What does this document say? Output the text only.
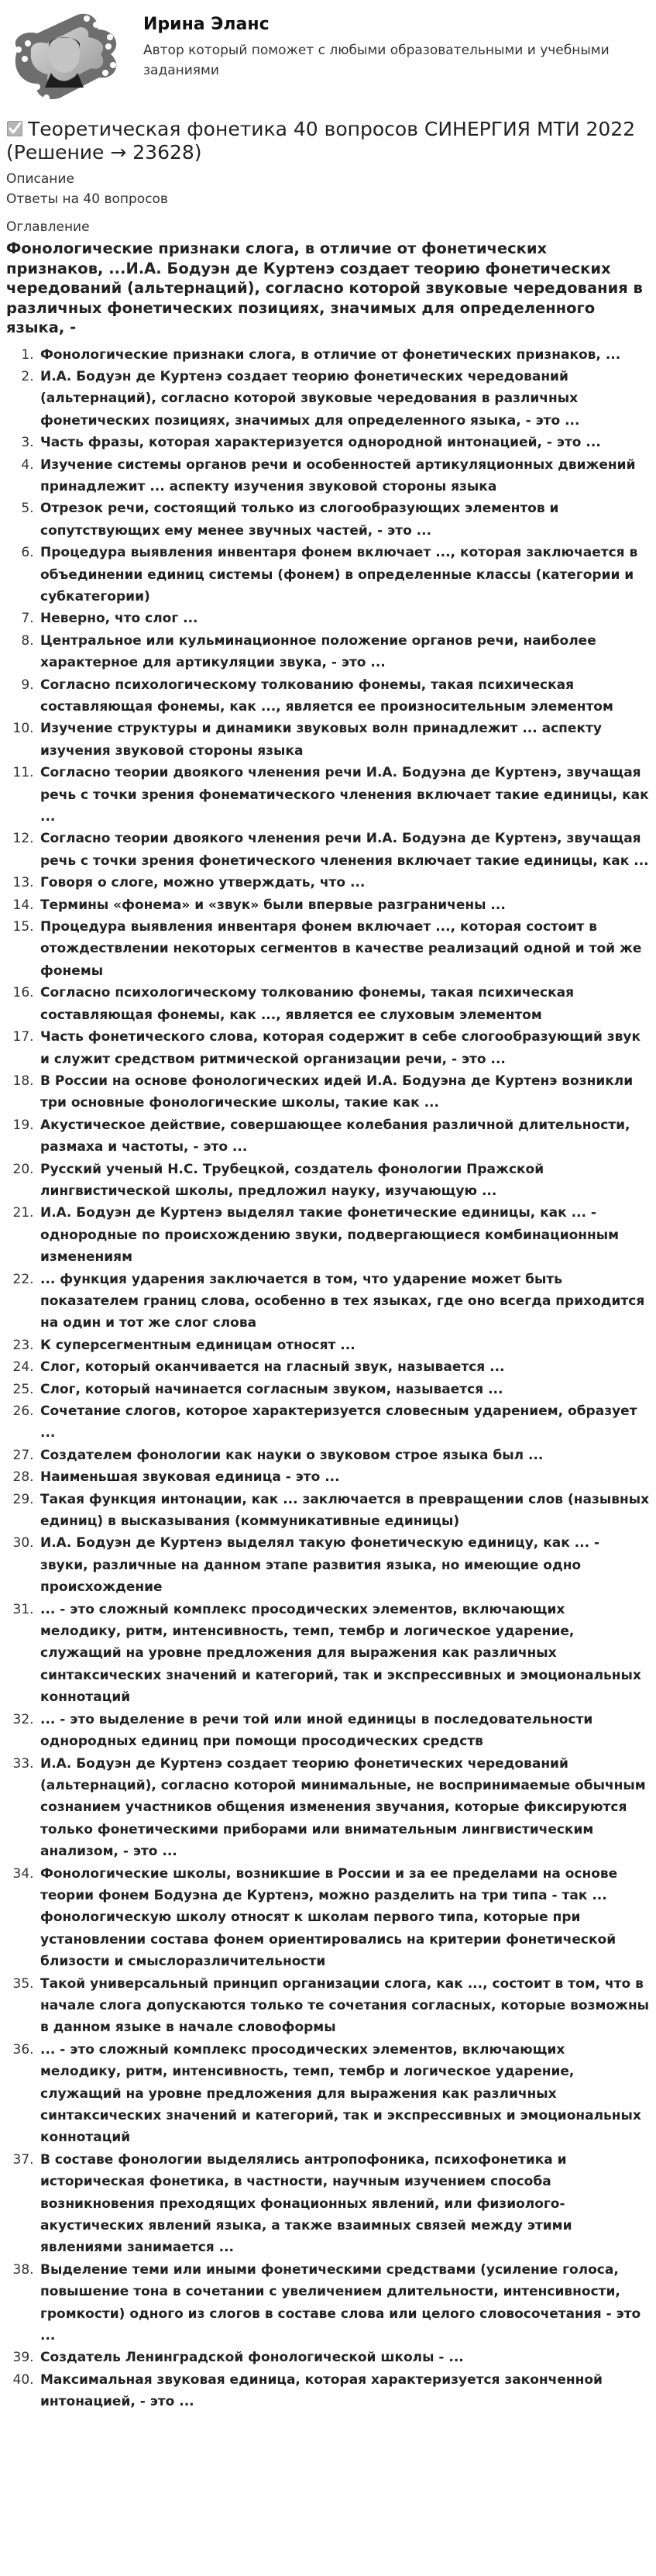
Ирина Эланс
Автор который поможет с любыми образовательными и учебными заданиями
Теоретическая фонетика 40 вопросов СИНЕРГИЯ МТИ 2022 (Решение → 23628)
Описание
Ответы на 40 вопросов
Оглавление
Фонологические признаки слога, в отличие от фонетических признаков, ...И.А. Бодуэн де Куртенэ создает теорию фонетических чередований (альтернаций), согласно которой звуковые чередования в различных фонетических позициях, значимых для определенного языка, -
1. Фонологические признаки слога, в отличие от фонетических признаков, ...
2. И.А. Бодуэн де Куртенэ создает теорию фонетических чередований (альтернаций), согласно которой звуковые чередования в различных фонетических позициях, значимых для определенного языка, - это ...
3. Часть фразы, которая характеризуется однородной интонацией, - это ...
4. Изучение системы органов речи и особенностей артикуляционных движений принадлежит ... аспекту изучения звуковой стороны языка
5. Отрезок речи, состоящий только из слогообразующих элементов и сопутствующих ему менее звучных частей, - это ...
6. Процедура выявления инвентаря фонем включает ..., которая заключается в объединении единиц системы (фонем) в определенные классы (категории и субкатегории)
7. Неверно, что слог ...
8. Центральное или кульминационное положение органов речи, наиболее характерное для артикуляции звука, - это ...
9. Согласно психологическому толкованию фонемы, такая психическая составляющая фонемы, как ..., является ее произносительным элементом
10. Изучение структуры и динамики звуковых волн принадлежит ... аспекту изучения звуковой стороны языка
11. Согласно теории двоякого членения речи И.А. Бодуэна де Куртенэ, звучащая речь с точки зрения фонематического членения включает такие единицы, как ...
12. Согласно теории двоякого членения речи И.А. Бодуэна де Куртенэ, звучащая речь с точки зрения фонетического членения включает такие единицы, как ...
13. Говоря о слоге, можно утверждать, что ...
14. Термины «фонема» и «звук» были впервые разграничены ...
15. Процедура выявления инвентаря фонем включает ..., которая состоит в отождествлении некоторых сегментов в качестве реализаций одной и той же фонемы
16. Согласно психологическому толкованию фонемы, такая психическая составляющая фонемы, как ..., является ее слуховым элементом
17. Часть фонетического слова, которая содержит в себе слогообразующий звук и служит средством ритмической организации речи, - это ...
18. В России на основе фонологических идей И.А. Бодуэна де Куртенэ возникли три основные фонологические школы, такие как ...
19. Акустическое действие, совершающее колебания различной длительности, размаха и частоты, - это ...
20. Русский ученый Н.С. Трубецкой, создатель фонологии Пражской лингвистической школы, предложил науку, изучающую ...
21. И.А. Бодуэн де Куртенэ выделял такие фонетические единицы, как ... - однородные по происхождению звуки, подвергающиеся комбинационным изменениям
22. ... функция ударения заключается в том, что ударение может быть показателем границ слова, особенно в тех языках, где оно всегда приходится на один и тот же слог слова
23. К суперсегментным единицам относят ...
24. Слог, который оканчивается на гласный звук, называется ...
25. Слог, который начинается согласным звуком, называется ...
26. Сочетание слогов, которое характеризуется словесным ударением, образует ...
27. Создателем фонологии как науки о звуковом строе языка был ...
28. Наименьшая звуковая единица - это ...
29. Такая функция интонации, как ... заключается в превращении слов (назывных единиц) в высказывания (коммуникативные единицы)
30. И.А. Бодуэн де Куртенэ выделял такую фонетическую единицу, как ... - звуки, различные на данном этапе развития языка, но имеющие одно происхождение
31. ... - это сложный комплекс просодических элементов, включающих мелодику, ритм, интенсивность, темп, тембр и логическое ударение, служащий на уровне предложения для выражения как различных синтаксических значений и категорий, так и экспрессивных и эмоциональных коннотаций
32. ... - это выделение в речи той или иной единицы в последовательности однородных единиц при помощи просодических средств
33. И.А. Бодуэн де Куртенэ создает теорию фонетических чередований (альтернаций), согласно которой минимальные, не воспринимаемые обычным сознанием участников общения изменения звучания, которые фиксируются только фонетическими приборами или внимательным лингвистическим анализом, - это ...
34. Фонологические школы, возникшие в России и за ее пределами на основе теории фонем Бодуэна де Куртенэ, можно разделить на три типа - так ... фонологическую школу относят к школам первого типа, которые при установлении состава фонем ориентировались на критерии фонетической близости и смыслоразличительности
35. Такой универсальный принцип организации слога, как ..., состоит в том, что в начале слога допускаются только те сочетания согласных, которые возможны в данном языке в начале словоформы
36. ... - это сложный комплекс просодических элементов, включающих мелодику, ритм, интенсивность, темп, тембр и логическое ударение, служащий на уровне предложения для выражения как различных синтаксических значений и категорий, так и экспрессивных и эмоциональных коннотаций
37. В составе фонологии выделялись антропофоника, психофонетика и историческая фонетика, в частности, научным изучением способа возникновения преходящих фонационных явлений, или физиолого-акустических явлений языка, а также взаимных связей между этими явлениями занимается ...
38. Выделение теми или иными фонетическими средствами (усиление голоса, повышение тона в сочетании с увеличением длительности, интенсивности, громкости) одного из слогов в составе слова или целого словосочетания - это ...
39. Создатель Ленинградской фонологической школы - ...
40. Максимальная звуковая единица, которая характеризуется законченной интонацией, - это ...
